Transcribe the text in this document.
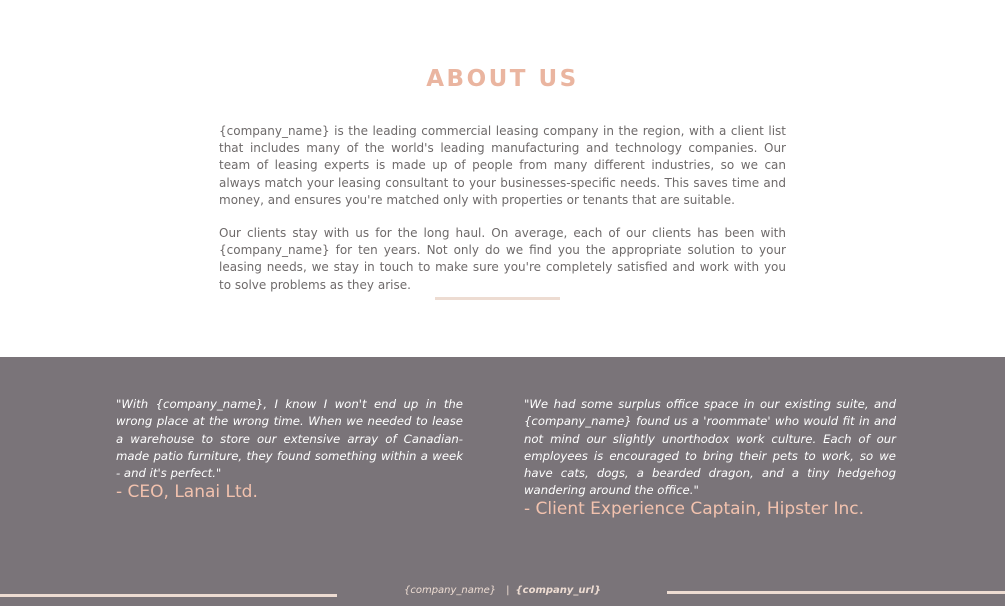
ABOUT US

{company_name} is the leading commercial leasing company in the region, with a client list that includes many of the world's leading manufacturing and technology companies. Our team of leasing experts is made up of people from many different industries, so we can always match your leasing consultant to your businesses-specific needs. This saves time and money, and ensures you're matched only with properties or tenants that are suitable.

Our clients stay with us for the long haul. On average, each of our clients has been with {company_name} for ten years. Not only do we find you the appropriate solution to your leasing needs, we stay in touch to make sure you're completely satisfied and work with you to solve problems as they arise.

"With {company_name}, I know I won't end up in the wrong place at the wrong time. When we needed to lease a warehouse to store our extensive array of Canadian-made patio furniture, they found something within a week - and it's perfect."

- CEO, Lanai Ltd.

"We had some surplus office space in our existing suite, and {company_name} found us a 'roommate' who would fit in and not mind our slightly unorthodox work culture. Each of our employees is encouraged to bring their pets to work, so we have cats, dogs, a bearded dragon, and a tiny hedgehog wandering around the office."

- Client Experience Captain, Hipster Inc.

{company_name} | {company_url}
